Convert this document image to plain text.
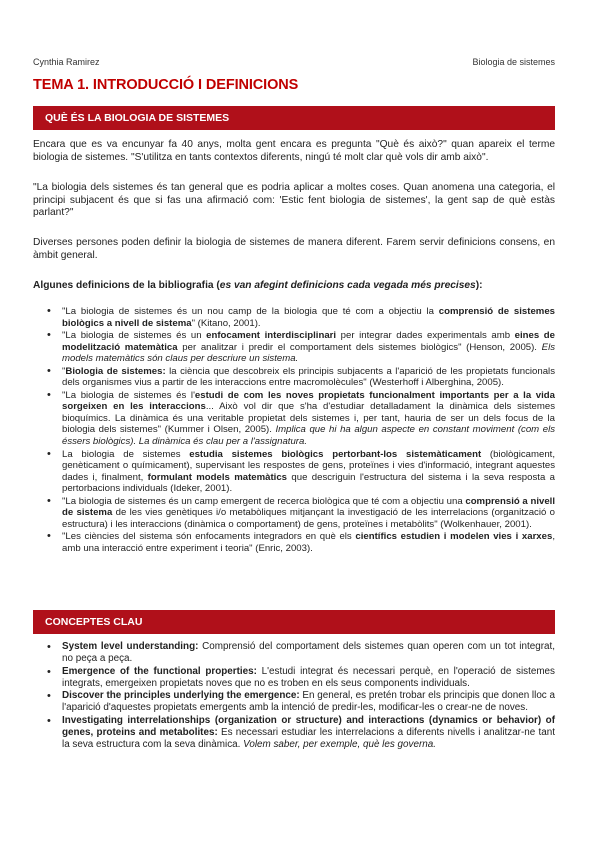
Cynthia Ramirez	Biologia de sistemes
TEMA 1. INTRODUCCIÓ I DEFINICIONS
QUÈ ÉS LA BIOLOGIA DE SISTEMES

Encara que es va encunyar fa 40 anys, molta gent encara es pregunta "Què és això?" quan apareix el terme biologia de sistemes. "S'utilitza en tants contextos diferents, ningú té molt clar què vols dir amb això".

"La biologia dels sistemes és tan general que es podria aplicar a moltes coses. Quan anomena una categoria, el principi subjacent és que si fas una afirmació com: 'Estic fent biologia de sistemes', la gent sap de què estàs parlant?"

Diverses persones poden definir la biologia de sistemes de manera diferent. Farem servir definicions consens, en àmbit general.

Algunes definicions de la bibliografia (es van afegint definicions cada vegada més precises):

• "La biologia de sistemes és un nou camp de la biologia que té com a objectiu la comprensió de sistemes biològics a nivell de sistema" (Kitano, 2001).
• "La biologia de sistemes és un enfocament interdisciplinari per integrar dades experimentals amb eines de modelització matemàtica per analitzar i predir el comportament dels sistemes biològics" (Henson, 2005). Els models matemàtics són claus per descriure un sistema.
• "Biologia de sistemes: la ciència que descobreix els principis subjacents a l'aparició de les propietats funcionals dels organismes vius a partir de les interaccions entre macromolècules" (Westerhoff i Alberghina, 2005).
• "La biologia de sistemes és l'estudi de com les noves propietats funcionalment importants per a la vida sorgeixen en les interaccions... Això vol dir que s'ha d'estudiar detalladament la dinàmica dels sistemes bioquímics. La dinàmica és una veritable propietat dels sistemes i, per tant, hauria de ser un dels focus de la biologia dels sistemes" (Kummer i Olsen, 2005). Implica que hi ha algun aspecte en constant moviment (com els éssers biològics). La dinàmica és clau per a l'assignatura.
• La biologia de sistemes estudia sistemes biològics pertorbant-los sistemàticament (biològicament, genèticament o químicament), supervisant les respostes de gens, proteïnes i vies d'informació, integrant aquestes dades i, finalment, formulant models matemàtics que descriguin l'estructura del sistema i la seva resposta a pertorbacions individuals (Ideker, 2001).
• "La biologia de sistemes és un camp emergent de recerca biològica que té com a objectiu una comprensió a nivell de sistema de les vies genètiques i/o metabòliques mitjançant la investigació de les interrelacions (organització o estructura) i les interaccions (dinàmica o comportament) de gens, proteïnes i metabòlits" (Wolkenhauer, 2001).
• "Les ciències del sistema són enfocaments integradors en què els científics estudien i modelen vies i xarxes, amb una interacció entre experiment i teoria" (Enric, 2003).
CONCEPTES CLAU
• System level understanding: Comprensió del comportament dels sistemes quan operen com un tot integrat, no peça a peça.
• Emergence of the functional properties: L'estudi integrat és necessari perquè, en l'operació de sistemes integrats, emergeixen propietats noves que no es troben en els seus components individuals.
• Discover the principles underlying the emergence: En general, es pretén trobar els principis que donen lloc a l'aparició d'aquestes propietats emergents amb la intenció de predir-les, modificar-les o crear-ne de noves.
• Investigating interrelationships (organization or structure) and interactions (dynamics or behavior) of genes, proteins and metabolites: Es necessari estudiar les interrelacions a diferents nivells i analitzar-ne tant la seva estructura com la seva dinàmica. Volem saber, per exemple, què les governa.
